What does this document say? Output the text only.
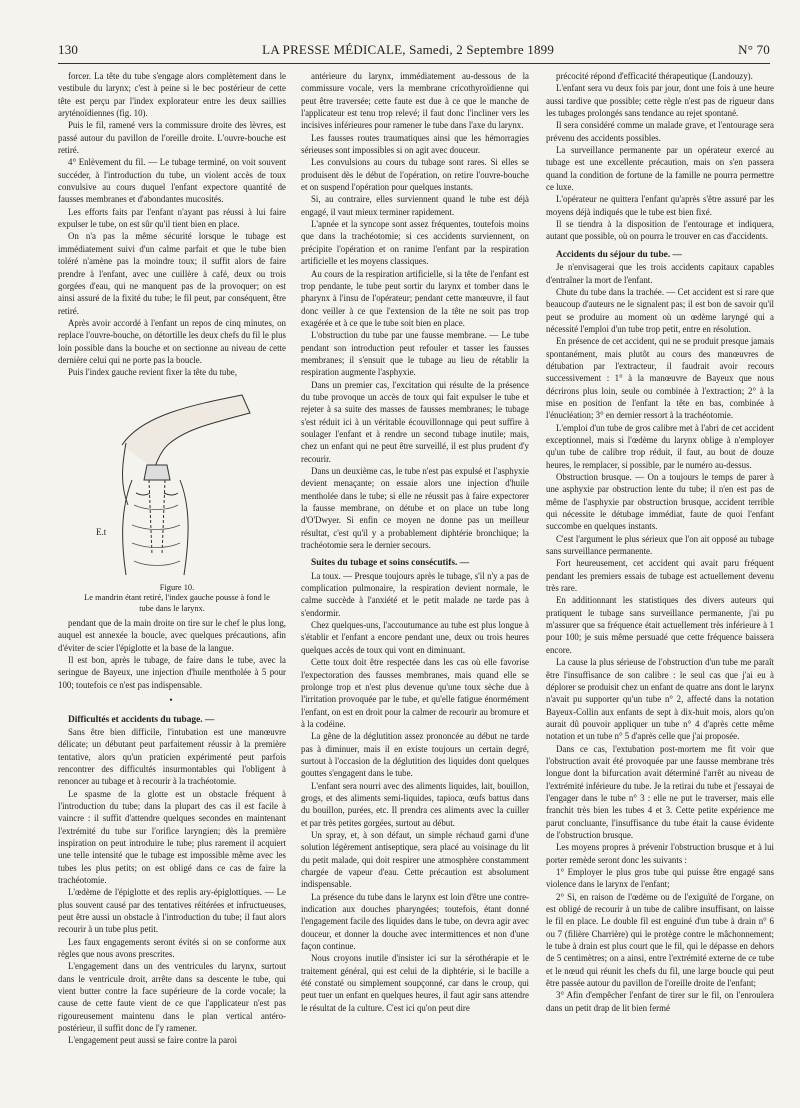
130	LA PRESSE MÉDICALE, Samedi, 2 Septembre 1899	N° 70

forcer. La tête du tube s'engage alors complètement dans le vestibule du larynx; c'est à peine si le bec postérieur de cette tête est perçu par l'index explorateur entre les deux saillies aryténoïdiennes (fig. 10).

Puis le fil, ramené vers la commissure droite des lèvres, est passé autour du pavillon de l'oreille droite. L'ouvre-bouche est retiré.

4° Enlèvement du fil. — Le tubage terminé, on voit souvent succéder, à l'introduction du tube, un violent accès de toux convulsive au cours duquel l'enfant expectore quantité de fausses membranes et d'abondantes mucosités.

Les efforts faits par l'enfant n'ayant pas réussi à lui faire expulser le tube, on est sûr qu'il tient bien en place.

On n'a pas la même sécurité lorsque le tubage est immédiatement suivi d'un calme parfait et que le tube bien toléré n'amène pas la moindre toux; il suffit alors de faire prendre à l'enfant, avec une cuillère à café, deux ou trois gorgées d'eau, qui ne manquent pas de la provoquer; on est ainsi assuré de la fixité du tube; le fil peut, par conséquent, être retiré.

Après avoir accordé à l'enfant un repos de cinq minutes, on replace l'ouvre-bouche, on détortille les deux chefs du fil le plus loin possible dans la bouche et on sectionne au niveau de cette dernière celui qui ne porte pas la boucle.

Puis l'index gauche revient fixer la tête du tube,

E.t

Figure 10.

Le mandrin étant retiré, l'index gauche pousse à fond le tube dans le larynx.

pendant que de la main droite on tire sur le chef le plus long, auquel est annexée la boucle, avec quelques précautions, afin d'éviter de scier l'épiglotte et la base de la langue.

Il est bon, après le tubage, de faire dans le tube, avec la seringue de Bayeux, une injection d'huile mentholée à 5 pour 100; toutefois ce n'est pas indispensable.

•
Difficultés et accidents du tubage. —

Sans être bien difficile, l'intubation est une manœuvre délicate; un débutant peut parfaitement réussir à la première tentative, alors qu'un praticien expérimenté peut parfois rencontrer des difficultés insurmontables qui l'obligent à renoncer au tubage et à recourir à la trachéotomie.

Le spasme de la glotte est un obstacle fréquent à l'introduction du tube; dans la plupart des cas il est facile à vaincre : il suffit d'attendre quelques secondes en maintenant l'extrémité du tube sur l'orifice laryngien; dès la première inspiration on peut introduire le tube; plus rarement il acquiert une telle intensité que le tubage est impossible même avec les tubes les plus petits; on est obligé dans ce cas de faire la trachéotomie.

L'œdème de l'épiglotte et des replis ary-épiglottiques. — Le plus souvent causé par des tentatives réitérées et infructueuses, peut être aussi un obstacle à l'introduction du tube; il faut alors recourir à un tube plus petit.

Les faux engagements seront évités si on se conforme aux règles que nous avons prescrites.

L'engagement dans un des ventricules du larynx, surtout dans le ventricule droit, arrête dans sa descente le tube, qui vient butter contre la face supérieure de la corde vocale; la cause de cette faute vient de ce que l'applicateur n'est pas rigoureusement maintenu dans le plan vertical antéro-postérieur, il suffit donc de l'y ramener.

L'engagement peut aussi se faire contre la paroi

antérieure du larynx, immédiatement au-dessous de la commissure vocale, vers la membrane cricothyroïdienne qui peut être traversée; cette faute est due à ce que le manche de l'applicateur est tenu trop relevé; il faut donc l'incliner vers les incisives inférieures pour ramener le tube dans l'axe du larynx.

Les fausses routes traumatiques ainsi que les hémorragies sérieuses sont impossibles si on agit avec douceur.

Les convulsions au cours du tubage sont rares. Si elles se produisent dès le début de l'opération, on retire l'ouvre-bouche et on suspend l'opération pour quelques instants.

Si, au contraire, elles surviennent quand le tube est déjà engagé, il vaut mieux terminer rapidement.

L'apnée et la syncope sont assez fréquentes, toutefois moins que dans la trachéotomie; si ces accidents surviennent, on précipite l'opération et on ranime l'enfant par la respiration artificielle et les moyens classiques.

Au cours de la respiration artificielle, si la tête de l'enfant est trop pendante, le tube peut sortir du larynx et tomber dans le pharynx à l'insu de l'opérateur; pendant cette manœuvre, il faut donc veiller à ce que l'extension de la tête ne soit pas trop exagérée et à ce que le tube soit bien en place.

L'obstruction du tube par une fausse membrane. — Le tube pendant son introduction peut refouler et tasser les fausses membranes; il s'ensuit que le tubage au lieu de rétablir la respiration augmente l'asphyxie.

Dans un premier cas, l'excitation qui résulte de la présence du tube provoque un accès de toux qui fait expulser le tube et rejeter à sa suite des masses de fausses membranes; le tubage s'est réduit ici à un véritable écouvillonnage qui peut suffire à soulager l'enfant et à rendre un second tubage inutile; mais, chez un enfant qui ne peut être surveillé, il est plus prudent d'y recourir.

Dans un deuxième cas, le tube n'est pas expulsé et l'asphyxie devient menaçante; on essaie alors une injection d'huile mentholée dans le tube; si elle ne réussit pas à faire expectorer la fausse membrane, on détube et on place un tube long d'O'Dwyer. Si enfin ce moyen ne donne pas un meilleur résultat, c'est qu'il y a probablement diphtérie bronchique; la trachéotomie sera le dernier secours.

Suites du tubage et soins consécutifs. —

La toux. — Presque toujours après le tubage, s'il n'y a pas de complication pulmonaire, la respiration devient normale, le calme succède à l'anxiété et le petit malade ne tarde pas à s'endormir.

Chez quelques-uns, l'accoutumance au tube est plus longue à s'établir et l'enfant a encore pendant une, deux ou trois heures quelques accès de toux qui vont en diminuant.

Cette toux doit être respectée dans les cas où elle favorise l'expectoration des fausses membranes, mais quand elle se prolonge trop et n'est plus devenue qu'une toux sèche due à l'irritation provoquée par le tube, et qu'elle fatigue énormément l'enfant, on est en droit pour la calmer de recourir au bromure et à la codéine.

La gêne de la déglutition assez prononcée au début ne tarde pas à diminuer, mais il en existe toujours un certain degré, surtout à l'occasion de la déglutition des liquides dont quelques gouttes s'engagent dans le tube.

L'enfant sera nourri avec des aliments liquides, lait, bouillon, grogs, et des aliments semi-liquides, tapioca, œufs battus dans du bouillon, purées, etc. Il prendra ces aliments avec la cuiller et par très petites gorgées, surtout au début.

Un spray, et, à son défaut, un simple réchaud garni d'une solution légèrement antiseptique, sera placé au voisinage du lit du petit malade, qui doit respirer une atmosphère constamment chargée de vapeur d'eau. Cette précaution est absolument indispensable.

La présence du tube dans le larynx est loin d'être une contre-indication aux douches pharyngées; toutefois, étant donné l'engagement facile des liquides dans le tube, on devra agir avec douceur, et donner la douche avec intermittences et non d'une façon continue.

Nous croyons inutile d'insister ici sur la sérothérapie et le traitement général, qui est celui de la diphtérie, si le bacille a été constaté ou simplement soupçonné, car dans le croup, qui peut tuer un enfant en quelques heures, il faut agir sans attendre le résultat de la culture. C'est ici qu'on peut dire

précocité répond d'efficacité thérapeutique (Landouzy).

L'enfant sera vu deux fois par jour, dont une fois à une heure aussi tardive que possible; cette règle n'est pas de rigueur dans les tubages prolongés sans tendance au rejet spontané.

Il sera considéré comme un malade grave, et l'entourage sera prévenu des accidents possibles.

La surveillance permanente par un opérateur exercé au tubage est une excellente précaution, mais on s'en passera quand la condition de fortune de la famille ne pourra permettre ce luxe.

L'opérateur ne quittera l'enfant qu'après s'être assuré par les moyens déjà indiqués que le tube est bien fixé.

Il se tiendra à la disposition de l'entourage et indiquera, autant que possible, où on pourra le trouver en cas d'accidents.

Accidents du séjour du tube. —

Je n'envisagerai que les trois accidents capitaux capables d'entraîner la mort de l'enfant.

Chute du tube dans la trachée. — Cet accident est si rare que beaucoup d'auteurs ne le signalent pas; il est bon de savoir qu'il peut se produire au moment où un œdème laryngé qui a nécessité l'emploi d'un tube trop petit, entre en résolution.

En présence de cet accident, qui ne se produit presque jamais spontanément, mais plutôt au cours des manœuvres de détubation par l'extracteur, il faudrait avoir recours successivement : 1° à la manœuvre de Bayeux que nous décrirons plus loin, seule ou combinée à l'extraction; 2° à la mise en position de l'enfant la tête en bas, combinée à l'énucléation; 3° en dernier ressort à la trachéotomie.

L'emploi d'un tube de gros calibre met à l'abri de cet accident exceptionnel, mais si l'œdème du larynx oblige à n'employer qu'un tube de calibre trop réduit, il faut, au bout de douze heures, le remplacer, si possible, par le numéro au-dessus.

Obstruction brusque. — On a toujours le temps de parer à une asphyxie par obstruction lente du tube; il n'en est pas de même de l'asphyxie par obstruction brusque, accident terrible qui nécessite le détubage immédiat, faute de quoi l'enfant succombe en quelques instants.

C'est l'argument le plus sérieux que l'on ait opposé au tubage sans surveillance permanente.

Fort heureusement, cet accident qui avait paru fréquent pendant les premiers essais de tubage est actuellement devenu très rare.

En additionnant les statistiques des divers auteurs qui pratiquent le tubage sans surveillance permanente, j'ai pu m'assurer que sa fréquence était actuellement très inférieure à 1 pour 100; je suis même persuadé que cette fréquence baissera encore.

La cause la plus sérieuse de l'obstruction d'un tube me paraît être l'insuffisance de son calibre : le seul cas que j'ai eu à déplorer se produisit chez un enfant de quatre ans dont le larynx n'avait pu supporter qu'un tube n° 2, affecté dans la notation Bayeux-Collin aux enfants de sept à dix-huit mois, alors qu'on aurait dû pouvoir appliquer un tube n° 4 d'après cette même notation et un tube n° 5 d'après celle que j'ai proposée.

Dans ce cas, l'extubation post-mortem me fit voir que l'obstruction avait été provoquée par une fausse membrane très longue dont la bifurcation avait déterminé l'arrêt au niveau de l'extrémité inférieure du tube. Je la retirai du tube et j'essayai de l'engager dans le tube n° 3 : elle ne put le traverser, mais elle franchit très bien les tubes 4 et 3. Cette petite expérience me parut concluante, l'insuffisance du tube était la cause évidente de l'obstruction brusque.

Les moyens propres à prévenir l'obstruction brusque et à lui porter remède seront donc les suivants :

1° Employer le plus gros tube qui puisse être engagé sans violence dans le larynx de l'enfant;

2° Si, en raison de l'œdème ou de l'exiguïté de l'organe, on est obligé de recourir à un tube de calibre insuffisant, on laisse le fil en place. Le double fil est enguiné d'un tube à drain n° 6 ou 7 (filière Charrière) qui le protège contre le mâchonnement; le tube à drain est plus court que le fil, qui le dépasse en dehors de 5 centimètres; on a ainsi, entre l'extrémité externe de ce tube et le nœud qui réunit les chefs du fil, une large boucle qui peut être passée autour du pavillon de l'oreille droite de l'enfant;

3° Afin d'empêcher l'enfant de tirer sur le fil, on l'enroulera dans un petit drap de lit bien fermé
